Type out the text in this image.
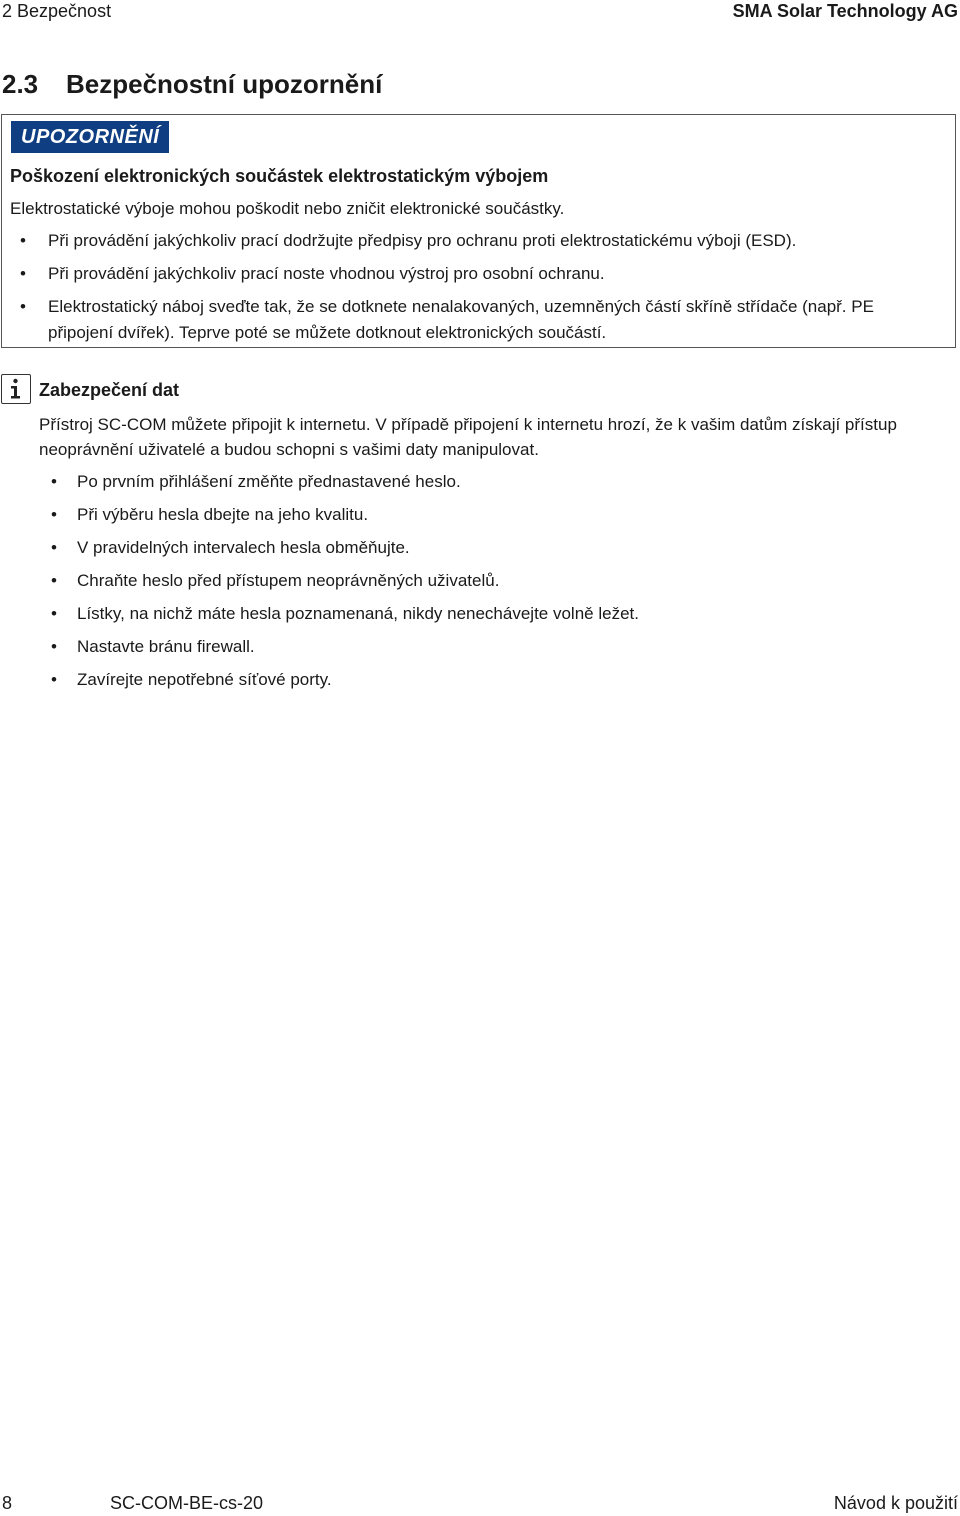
2 Bezpečnost	SMA Solar Technology AG
2.3 Bezpečnostní upozornění
UPOZORNĚNÍ
Poškození elektronických součástek elektrostatickým výbojem
Elektrostatické výboje mohou poškodit nebo zničit elektronické součástky.
• Při provádění jakýchkoliv prací dodržujte předpisy pro ochranu proti elektrostatickému výboji (ESD).
• Při provádění jakýchkoliv prací noste vhodnou výstroj pro osobní ochranu.
• Elektrostatický náboj sveďte tak, že se dotknete nenalakovaných, uzemněných částí skříně střídače (např. PE připojení dvířek). Teprve poté se můžete dotknout elektronických součástí.
Zabezpečení dat

Přístroj SC-COM můžete připojit k internetu. V případě připojení k internetu hrozí, že k vašim datům získají přístup neoprávnění uživatelé a budou schopni s vašimi daty manipulovat.

• Po prvním přihlášení změňte přednastavené heslo.
• Při výběru hesla dbejte na jeho kvalitu.
• V pravidelných intervalech hesla obměňujte.
• Chraňte heslo před přístupem neoprávněných uživatelů.
• Lístky, na nichž máte hesla poznamenaná, nikdy nenechávejte volně ležet.
• Nastavte bránu firewall.
• Zavírejte nepotřebné síťové porty.
8	SC-COM-BE-cs-20	Návod k použití
